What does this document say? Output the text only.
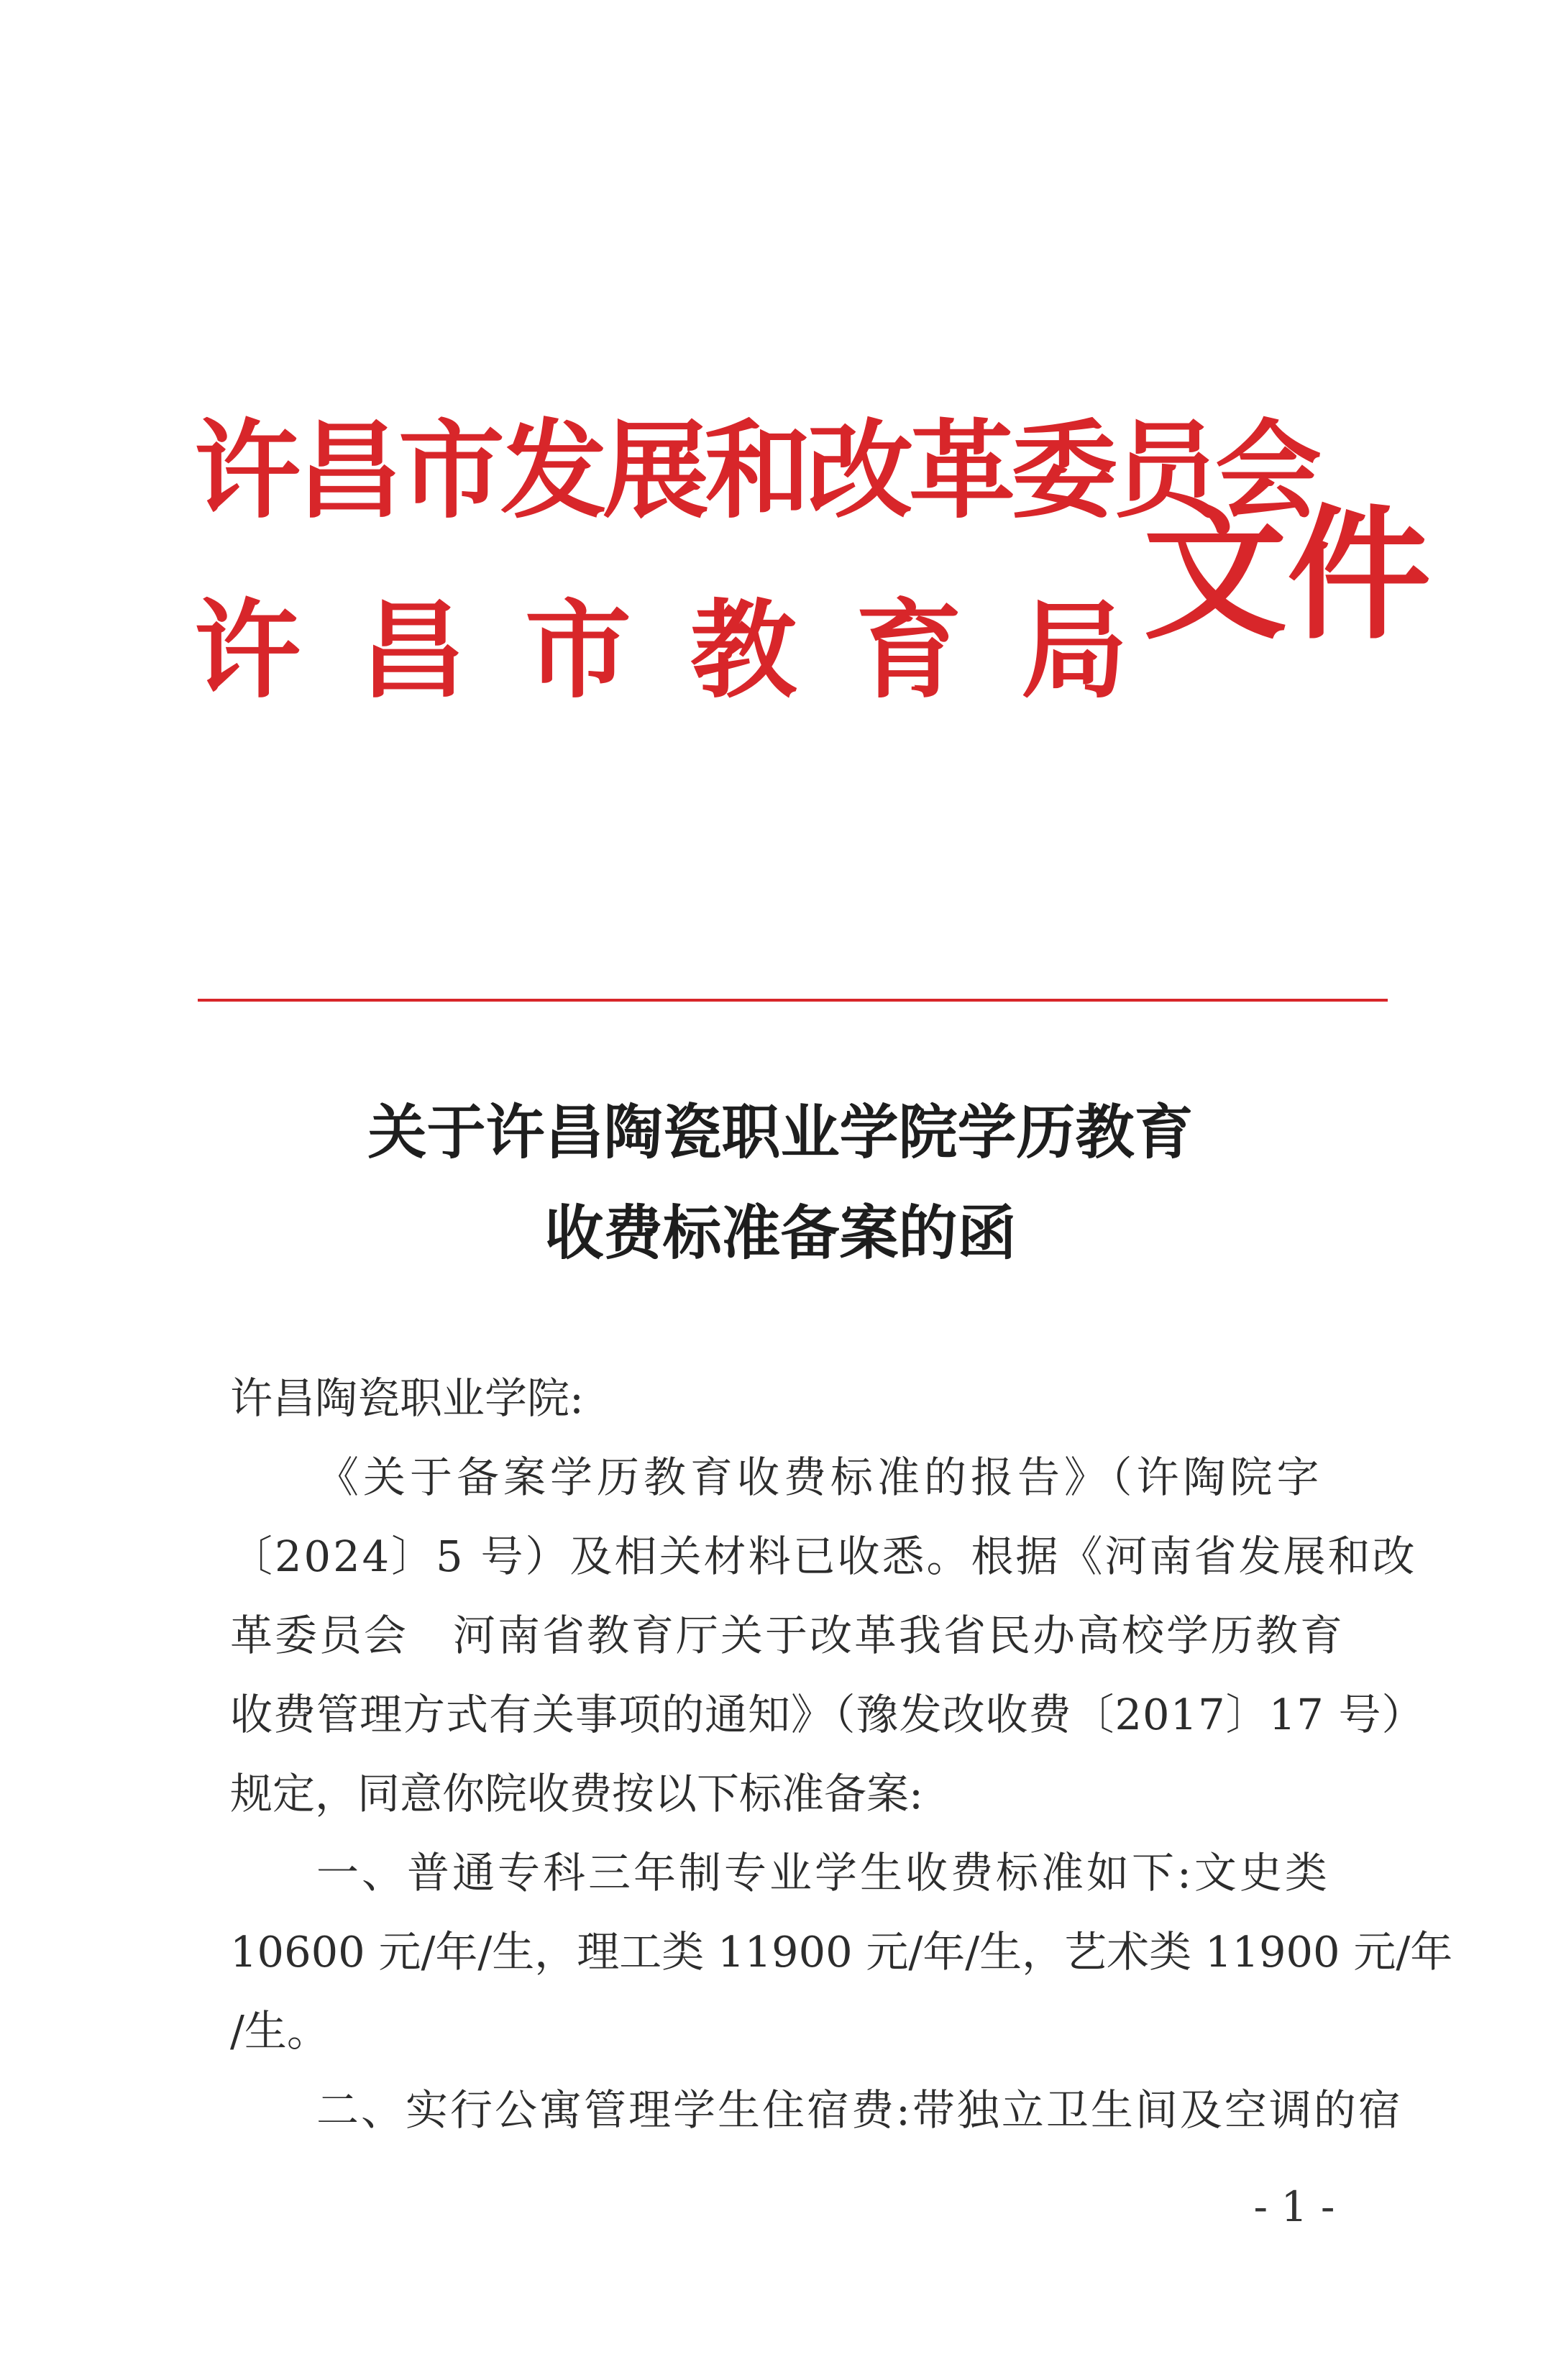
许昌市发展和改革委员会
许昌市教育局
文件
关于许昌陶瓷职业学院学历教育
收费标准备案的函
许昌陶瓷职业学院:
《关于备案学历教育收费标准的报告》（许陶院字
〔2024〕5 号）及相关材料已收悉。根据《河南省发展和改
革委员会　河南省教育厅关于改革我省民办高校学历教育
收费管理方式有关事项的通知》（豫发改收费〔2017〕17 号）
规定，同意你院收费按以下标准备案:
一、普通专科三年制专业学生收费标准如下:文史类
10600 元/年/生，理工类 11900 元/年/生，艺术类 11900 元/年
/生。
二、实行公寓管理学生住宿费:带独立卫生间及空调的宿
- 1 -
